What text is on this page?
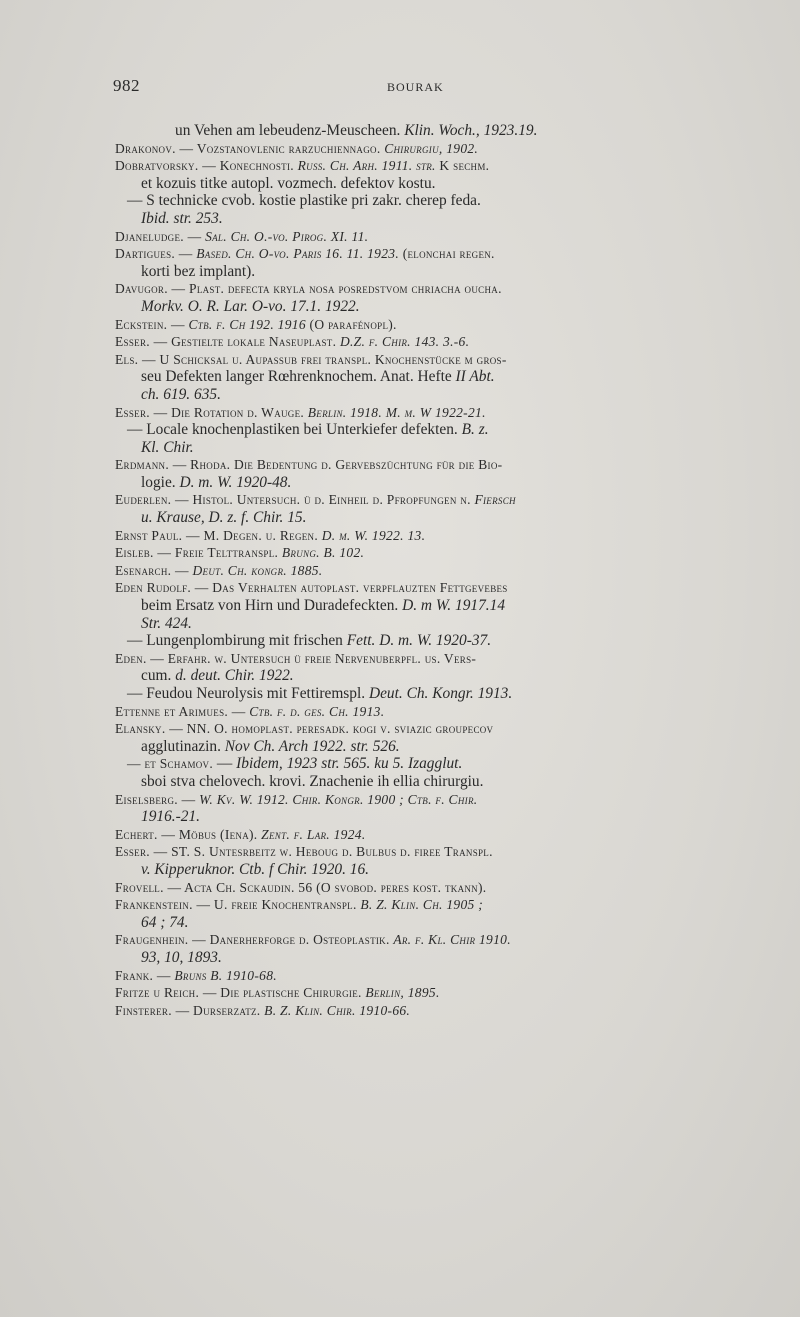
982	BOURAK

un Vehen am lebeudenz-Meuscheen. Klin. Woch., 1923.19.

Drakonov. — Vozstanovlenic rarzuchiennago. Chirurgiu, 1902.

Dobratvorsky. — Konechnosti. Russ. Ch. Arh. 1911. str. K sechm.
et kozuis titke autopl. vozmech. defektov kostu.

— S technicke cvob. kostie plastike pri zakr. cherep feda.
Ibid. str. 253.

Djaneludge. — Sal. Ch. O.-vo. Pirog. XI. 11.

Dartigues. — Based. Ch. O-vo. Paris 16. 11. 1923. (elonchai regen.
korti bez implant).

Davugor. — Plast. defecta kryla nosa posredstvom chriacha oucha.
Morkv. O. R. Lar. O-vo. 17.1. 1922.

Eckstein. — Ctb. f. Ch 192. 1916 (O parafénopl).

Esser. — Gestielte lokale Naseuplast. D.Z. f. Chir. 143. 3.-6.

Els. — U Schicksal u. Aupassub frei transpl. Knochenstücke m gros-
seu Defekten langer Rœhrenknochem. Anat. Hefte II Abt.
ch. 619. 635.

Esser. — Die Rotation d. Wauge. Berlin. 1918. M. m. W 1922-21.

— Locale knochenplastiken bei Unterkiefer defekten. B. z.
Kl. Chir.

Erdmann. — Rhoda. Die Bedentung d. Gervebszüchtung für die Bio-
logie. D. m. W. 1920-48.

Euderlen. — Histol. Untersuch. ü d. Einheil d. Pfropfungen n. Fiersch
u. Krause, D. z. f. Chir. 15.

Ernst Paul. — M. Degen. u. Regen. D. m. W. 1922. 13.

Eisleb. — Freie Telttranspl. Brung. B. 102.

Esenarch. — Deut. Ch. kongr. 1885.

Eden Rudolf. — Das Verhalten autoplast. verpflauzten Fettgevebes
beim Ersatz von Hirn und Duradefeckten. D. m W. 1917.14
Str. 424.

— Lungenplombirung mit frischen Fett. D. m. W. 1920-37.

Eden. — Erfahr. w. Untersuch ü freie Nervenuberpfl. us. Vers-
cum. d. deut. Chir. 1922.

— Feudou Neurolysis mit Fettiremspl. Deut. Ch. Kongr. 1913.

Ettenne et Arimues. — Ctb. f. d. ges. Ch. 1913.

Elansky. — NN. O. homoplast. peresadk. kogi v. sviazic groupecov
agglutinazin. Nov Ch. Arch 1922. str. 526.

— et Schamov. — Ibidem, 1923 str. 565. ku 5. Izagglut.
sboi stva chelovech. krovi. Znachenie ih ellia chirurgiu.

Eiselsberg. — W. Kv. W. 1912. Chir. Kongr. 1900 ; Ctb. f. Chir.
1916.-21.

Echert. — Möbus (Iena). Zent. f. Lar. 1924.

Esser. — ST. S. Untesrbeitz w. Heboug d. Bulbus d. firee Transpl.
v. Kipperuknor. Ctb. f Chir. 1920. 16.

Frovell. — Acta Ch. Sckaudin. 56 (O svobod. peres kost. tkann).

Frankenstein. — U. freie Knochentranspl. B. Z. Klin. Ch. 1905 ;
64 ; 74.

Fraugenhein. — Danerherforge d. Osteoplastik. Ar. f. Kl. Chir 1910.
93, 10, 1893.

Frank. — Bruns B. 1910-68.

Fritze u Reich. — Die plastische Chirurgie. Berlin, 1895.

Finsterer. — Durserzatz. B. Z. Klin. Chir. 1910-66.
